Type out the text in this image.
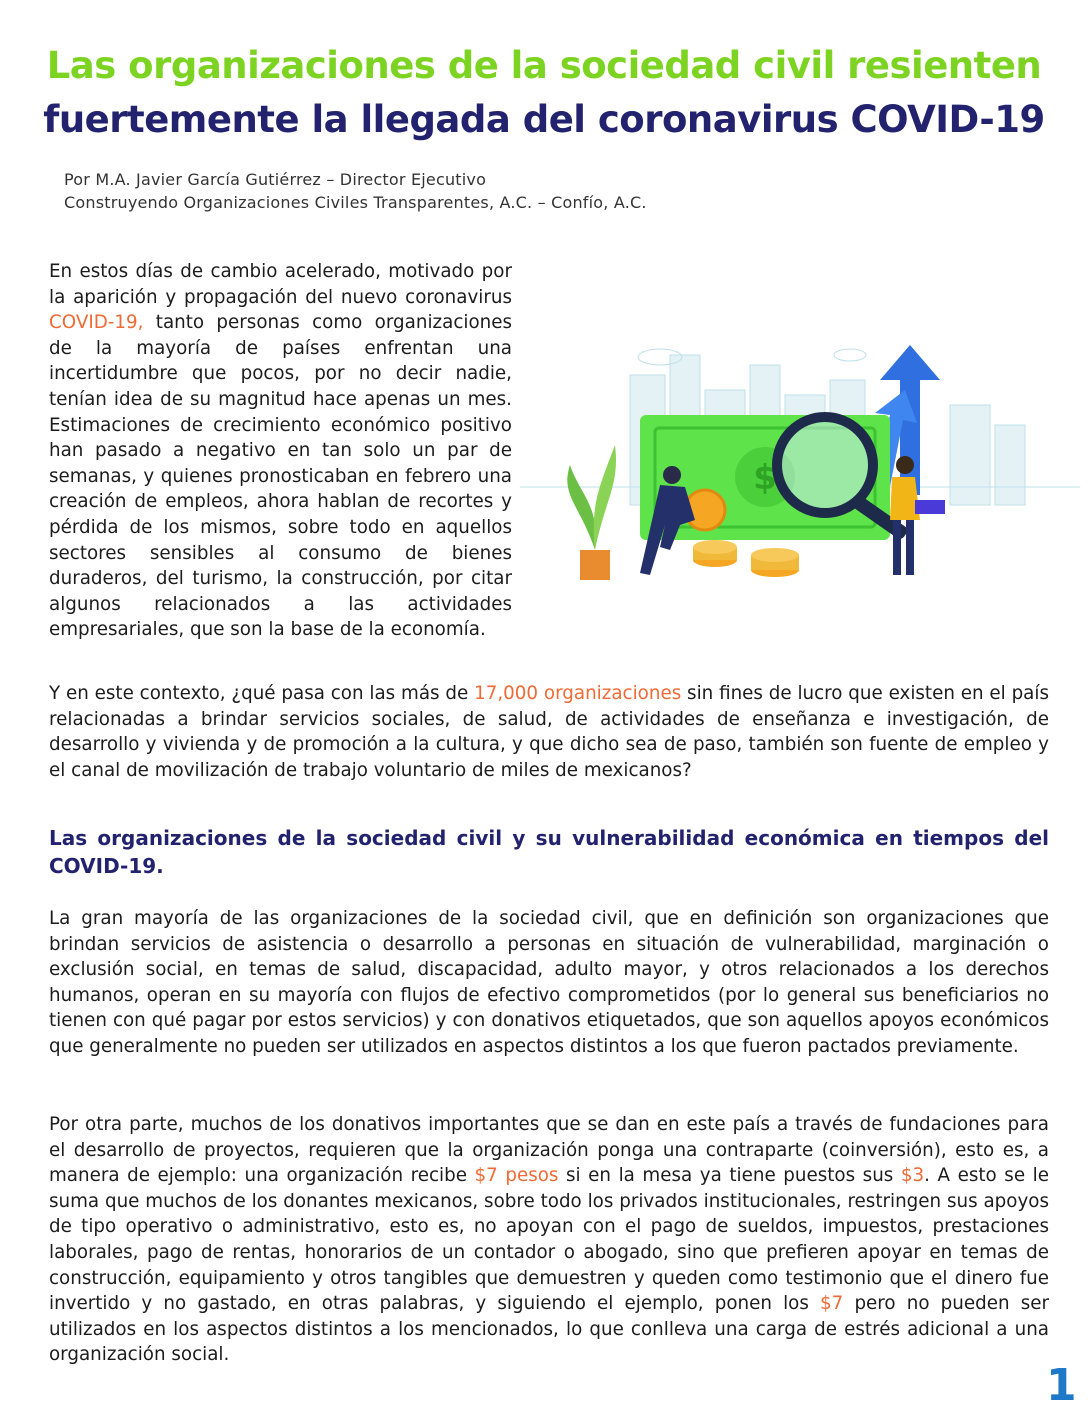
Las organizaciones de la sociedad civil resienten
fuertemente la llegada del coronavirus COVID-19
Por M.A. Javier García Gutiérrez – Director Ejecutivo
Construyendo Organizaciones Civiles Transparentes, A.C. – Confío, A.C.

En estos días de cambio acelerado, motivado por la aparición y propagación del nuevo coronavirus COVID-19, tanto personas como organizaciones de la mayoría de países enfrentan una incertidumbre que pocos, por no decir nadie, tenían idea de su magnitud hace apenas un mes. Estimaciones de crecimiento económico positivo han pasado a negativo en tan solo un par de semanas, y quienes pronosticaban en febrero una creación de empleos, ahora hablan de recortes y pérdida de los mismos, sobre todo en aquellos sectores sensibles al consumo de bienes duraderos, del turismo, la construcción, por citar algunos relacionados a las actividades empresariales, que son la base de la economía.

$

Y en este contexto, ¿qué pasa con las más de 17,000 organizaciones sin fines de lucro que existen en el país relacionadas a brindar servicios sociales, de salud, de actividades de enseñanza e investigación, de desarrollo y vivienda y de promoción a la cultura, y que dicho sea de paso, también son fuente de empleo y el canal de movilización de trabajo voluntario de miles de mexicanos?

Las organizaciones de la sociedad civil y su vulnerabilidad económica en tiempos del COVID-19.

La gran mayoría de las organizaciones de la sociedad civil, que en definición son organizaciones que brindan servicios de asistencia o desarrollo a personas en situación de vulnerabilidad, marginación o exclusión social, en temas de salud, discapacidad, adulto mayor, y otros relacionados a los derechos humanos, operan en su mayoría con flujos de efectivo comprometidos (por lo general sus beneficiarios no tienen con qué pagar por estos servicios) y con donativos etiquetados, que son aquellos apoyos económicos que generalmente no pueden ser utilizados en aspectos distintos a los que fueron pactados previamente.

Por otra parte, muchos de los donativos importantes que se dan en este país a través de fundaciones para el desarrollo de proyectos, requieren que la organización ponga una contraparte (coinversión), esto es, a manera de ejemplo: una organización recibe $7 pesos si en la mesa ya tiene puestos sus $3. A esto se le suma que muchos de los donantes mexicanos, sobre todo los privados institucionales, restringen sus apoyos de tipo operativo o administrativo, esto es, no apoyan con el pago de sueldos, impuestos, prestaciones laborales, pago de rentas, honorarios de un contador o abogado, sino que prefieren apoyar en temas de construcción, equipamiento y otros tangibles que demuestren y queden como testimonio que el dinero fue invertido y no gastado, en otras palabras, y siguiendo el ejemplo, ponen los $7 pero no pueden ser utilizados en los aspectos distintos a los mencionados, lo que conlleva una carga de estrés adicional a una organización social.

1
